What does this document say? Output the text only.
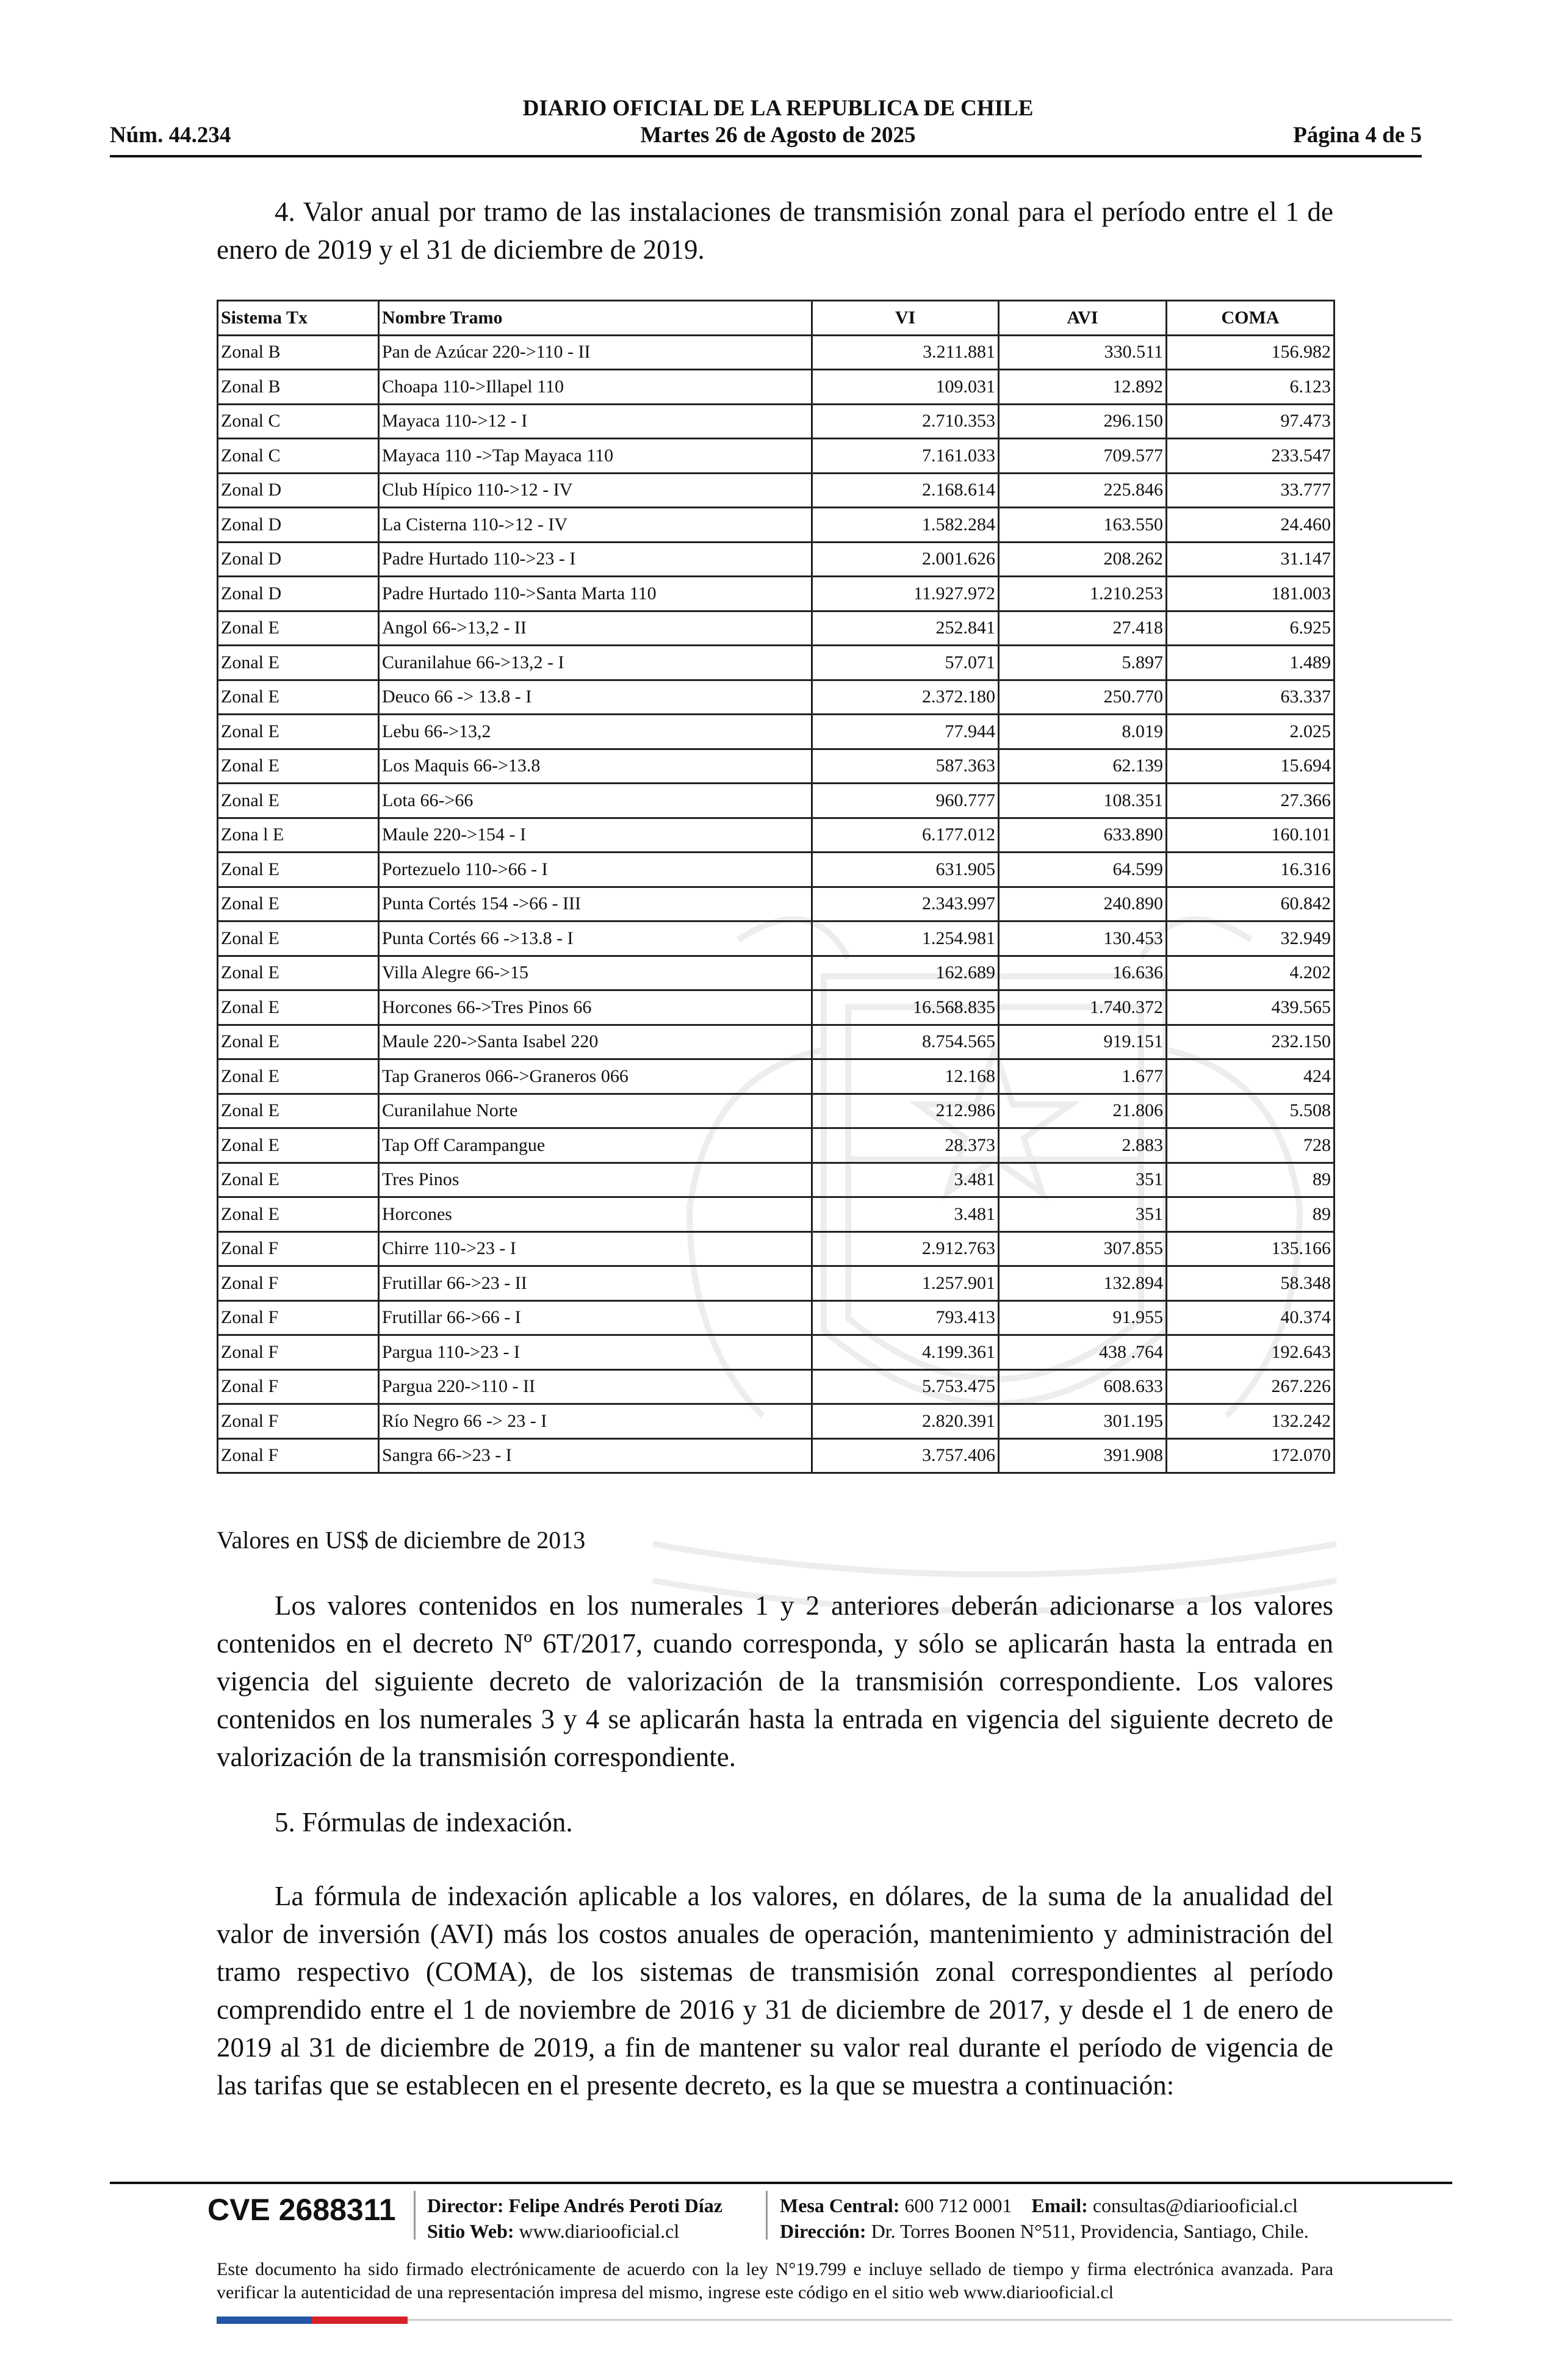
DIARIO OFICIAL DE LA REPUBLICA DE CHILE
Martes 26 de Agosto de 2025
Núm. 44.234	Página 4 de 5

4. Valor anual por tramo de las instalaciones de transmisión zonal para el período entre el 1 de enero de 2019 y el 31 de diciembre de 2019.

Sistema Tx	Nombre Tramo	VI	AVI	COMA
Zonal B	Pan de Azúcar 220->110 - II	3.211.881	330.511	156.982
Zonal B	Choapa 110->Illapel 110	109.031	12.892	6.123
Zonal C	Mayaca 110->12 - I	2.710.353	296.150	97.473
Zonal C	Mayaca 110 ->Tap Mayaca 110	7.161.033	709.577	233.547
Zonal D	Club Hípico 110->12 - IV	2.168.614	225.846	33.777
Zonal D	La Cisterna 110->12 - IV	1.582.284	163.550	24.460
Zonal D	Padre Hurtado 110->23 - I	2.001.626	208.262	31.147
Zonal D	Padre Hurtado 110->Santa Marta 110	11.927.972	1.210.253	181.003
Zonal E	Angol 66->13,2 - II	252.841	27.418	6.925
Zonal E	Curanilahue 66->13,2 - I	57.071	5.897	1.489
Zonal E	Deuco 66 -> 13.8 - I	2.372.180	250.770	63.337
Zonal E	Lebu 66->13,2	77.944	8.019	2.025
Zonal E	Los Maquis 66->13.8	587.363	62.139	15.694
Zonal E	Lota 66->66	960.777	108.351	27.366
Zona l E	Maule 220->154 - I	6.177.012	633.890	160.101
Zonal E	Portezuelo 110->66 - I	631.905	64.599	16.316
Zonal E	Punta Cortés 154 ->66 - III	2.343.997	240.890	60.842
Zonal E	Punta Cortés 66 ->13.8 - I	1.254.981	130.453	32.949
Zonal E	Villa Alegre 66->15	162.689	16.636	4.202
Zonal E	Horcones 66->Tres Pinos 66	16.568.835	1.740.372	439.565
Zonal E	Maule 220->Santa Isabel 220	8.754.565	919.151	232.150
Zonal E	Tap Graneros 066->Graneros 066	12.168	1.677	424
Zonal E	Curanilahue Norte	212.986	21.806	5.508
Zonal E	Tap Off Carampangue	28.373	2.883	728
Zonal E	Tres Pinos	3.481	351	89
Zonal E	Horcones	3.481	351	89
Zonal F	Chirre 110->23 - I	2.912.763	307.855	135.166
Zonal F	Frutillar 66->23 - II	1.257.901	132.894	58.348
Zonal F	Frutillar 66->66 - I	793.413	91.955	40.374
Zonal F	Pargua 110->23 - I	4.199.361	438 .764	192.643
Zonal F	Pargua 220->110 - II	5.753.475	608.633	267.226
Zonal F	Río Negro 66 -> 23 - I	2.820.391	301.195	132.242
Zonal F	Sangra 66->23 - I	3.757.406	391.908	172.070
Valores en US$ de diciembre de 2013

Los valores contenidos en los numerales 1 y 2 anteriores deberán adicionarse a los valores contenidos en el decreto Nº 6T/2017, cuando corresponda, y sólo se aplicarán hasta la entrada en vigencia del siguiente decreto de valorización de la transmisión correspondiente. Los valores contenidos en los numerales 3 y 4 se aplicarán hasta la entrada en vigencia del siguiente decreto de valorización de la transmisión correspondiente.

5. Fórmulas de indexación.

La fórmula de indexación aplicable a los valores, en dólares, de la suma de la anualidad del valor de inversión (AVI) más los costos anuales de operación, mantenimiento y administración del tramo respectivo (COMA), de los sistemas de transmisión zonal correspondientes al período comprendido entre el 1 de noviembre de 2016 y 31 de diciembre de 2017, y desde el 1 de enero de 2019 al 31 de diciembre de 2019, a fin de mantener su valor real durante el período de vigencia de las tarifas que se establecen en el presente decreto, es la que se muestra a continuación:

CVE 2688311 Director: Felipe Andrés Peroti Díaz
Sitio Web: www.diariooficial.cl
Mesa Central: 600 712 0001 Email: consultas@diariooficial.cl
Dirección: Dr. Torres Boonen N°511, Providencia, Santiago, Chile.
Este documento ha sido firmado electrónicamente de acuerdo con la ley N°19.799 e incluye sellado de tiempo y firma electrónica avanzada. Para verificar la autenticidad de una representación impresa del mismo, ingrese este código en el sitio web www.diariooficial.cl
